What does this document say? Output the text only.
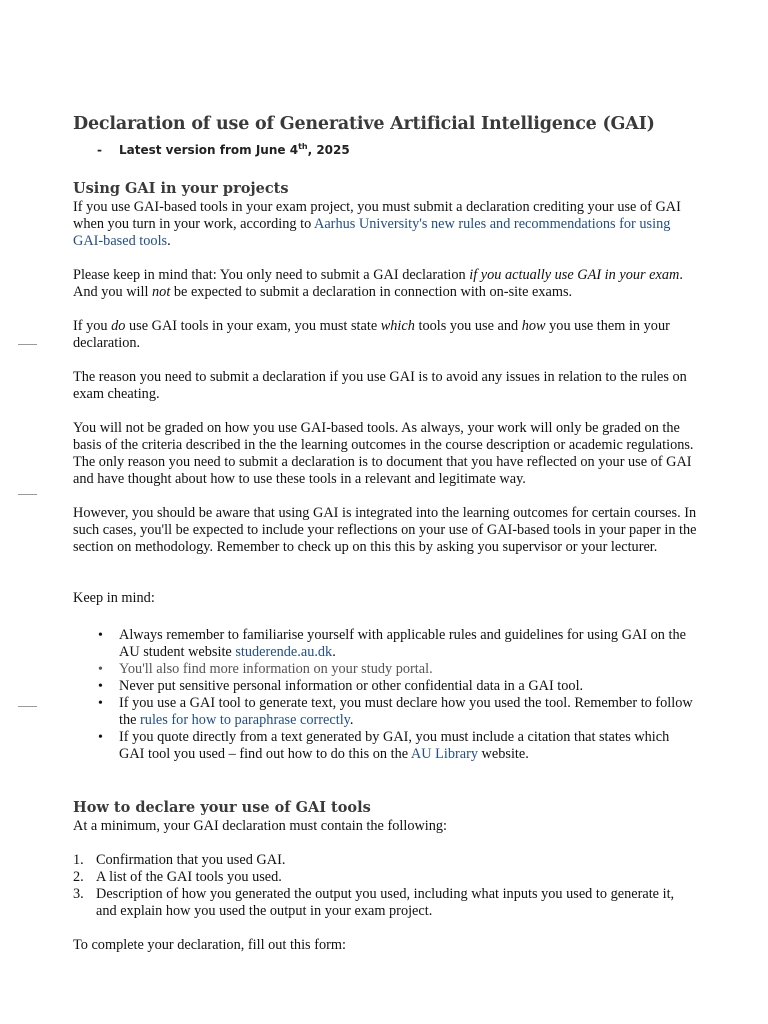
Declaration of use of Generative Artificial Intelligence (GAI)
- Latest version from June 4th, 2025
Using GAI in your projects

If you use GAI-based tools in your exam project, you must submit a declaration crediting your use of GAI when you turn in your work, according to Aarhus University's new rules and recommendations for using GAI-based tools.

Please keep in mind that: You only need to submit a GAI declaration if you actually use GAI in your exam. And you will not be expected to submit a declaration in connection with on-site exams.

If you do use GAI tools in your exam, you must state which tools you use and how you use them in your declaration.

The reason you need to submit a declaration if you use GAI is to avoid any issues in relation to the rules on exam cheating.

You will not be graded on how you use GAI-based tools. As always, your work will only be graded on the basis of the criteria described in the the learning outcomes in the course description or academic regulations. The only reason you need to submit a declaration is to document that you have reflected on your use of GAI and have thought about how to use these tools in a relevant and legitimate way.

However, you should be aware that using GAI is integrated into the learning outcomes for certain courses. In such cases, you'll be expected to include your reflections on your use of GAI-based tools in your paper in the section on methodology. Remember to check up on this this by asking you supervisor or your lecturer.

Keep in mind:

• Always remember to familiarise yourself with applicable rules and guidelines for using GAI on the AU student website studerende.au.dk.
• You'll also find more information on your study portal.
• Never put sensitive personal information or other confidential data in a GAI tool.
• If you use a GAI tool to generate text, you must declare how you used the tool. Remember to follow the rules for how to paraphrase correctly.
• If you quote directly from a text generated by GAI, you must include a citation that states which GAI tool you used – find out how to do this on the AU Library website.
How to declare your use of GAI tools

At a minimum, your GAI declaration must contain the following:

1. Confirmation that you used GAI.
2. A list of the GAI tools you used.
3. Description of how you generated the output you used, including what inputs you used to generate it, and explain how you used the output in your exam project.

To complete your declaration, fill out this form:
